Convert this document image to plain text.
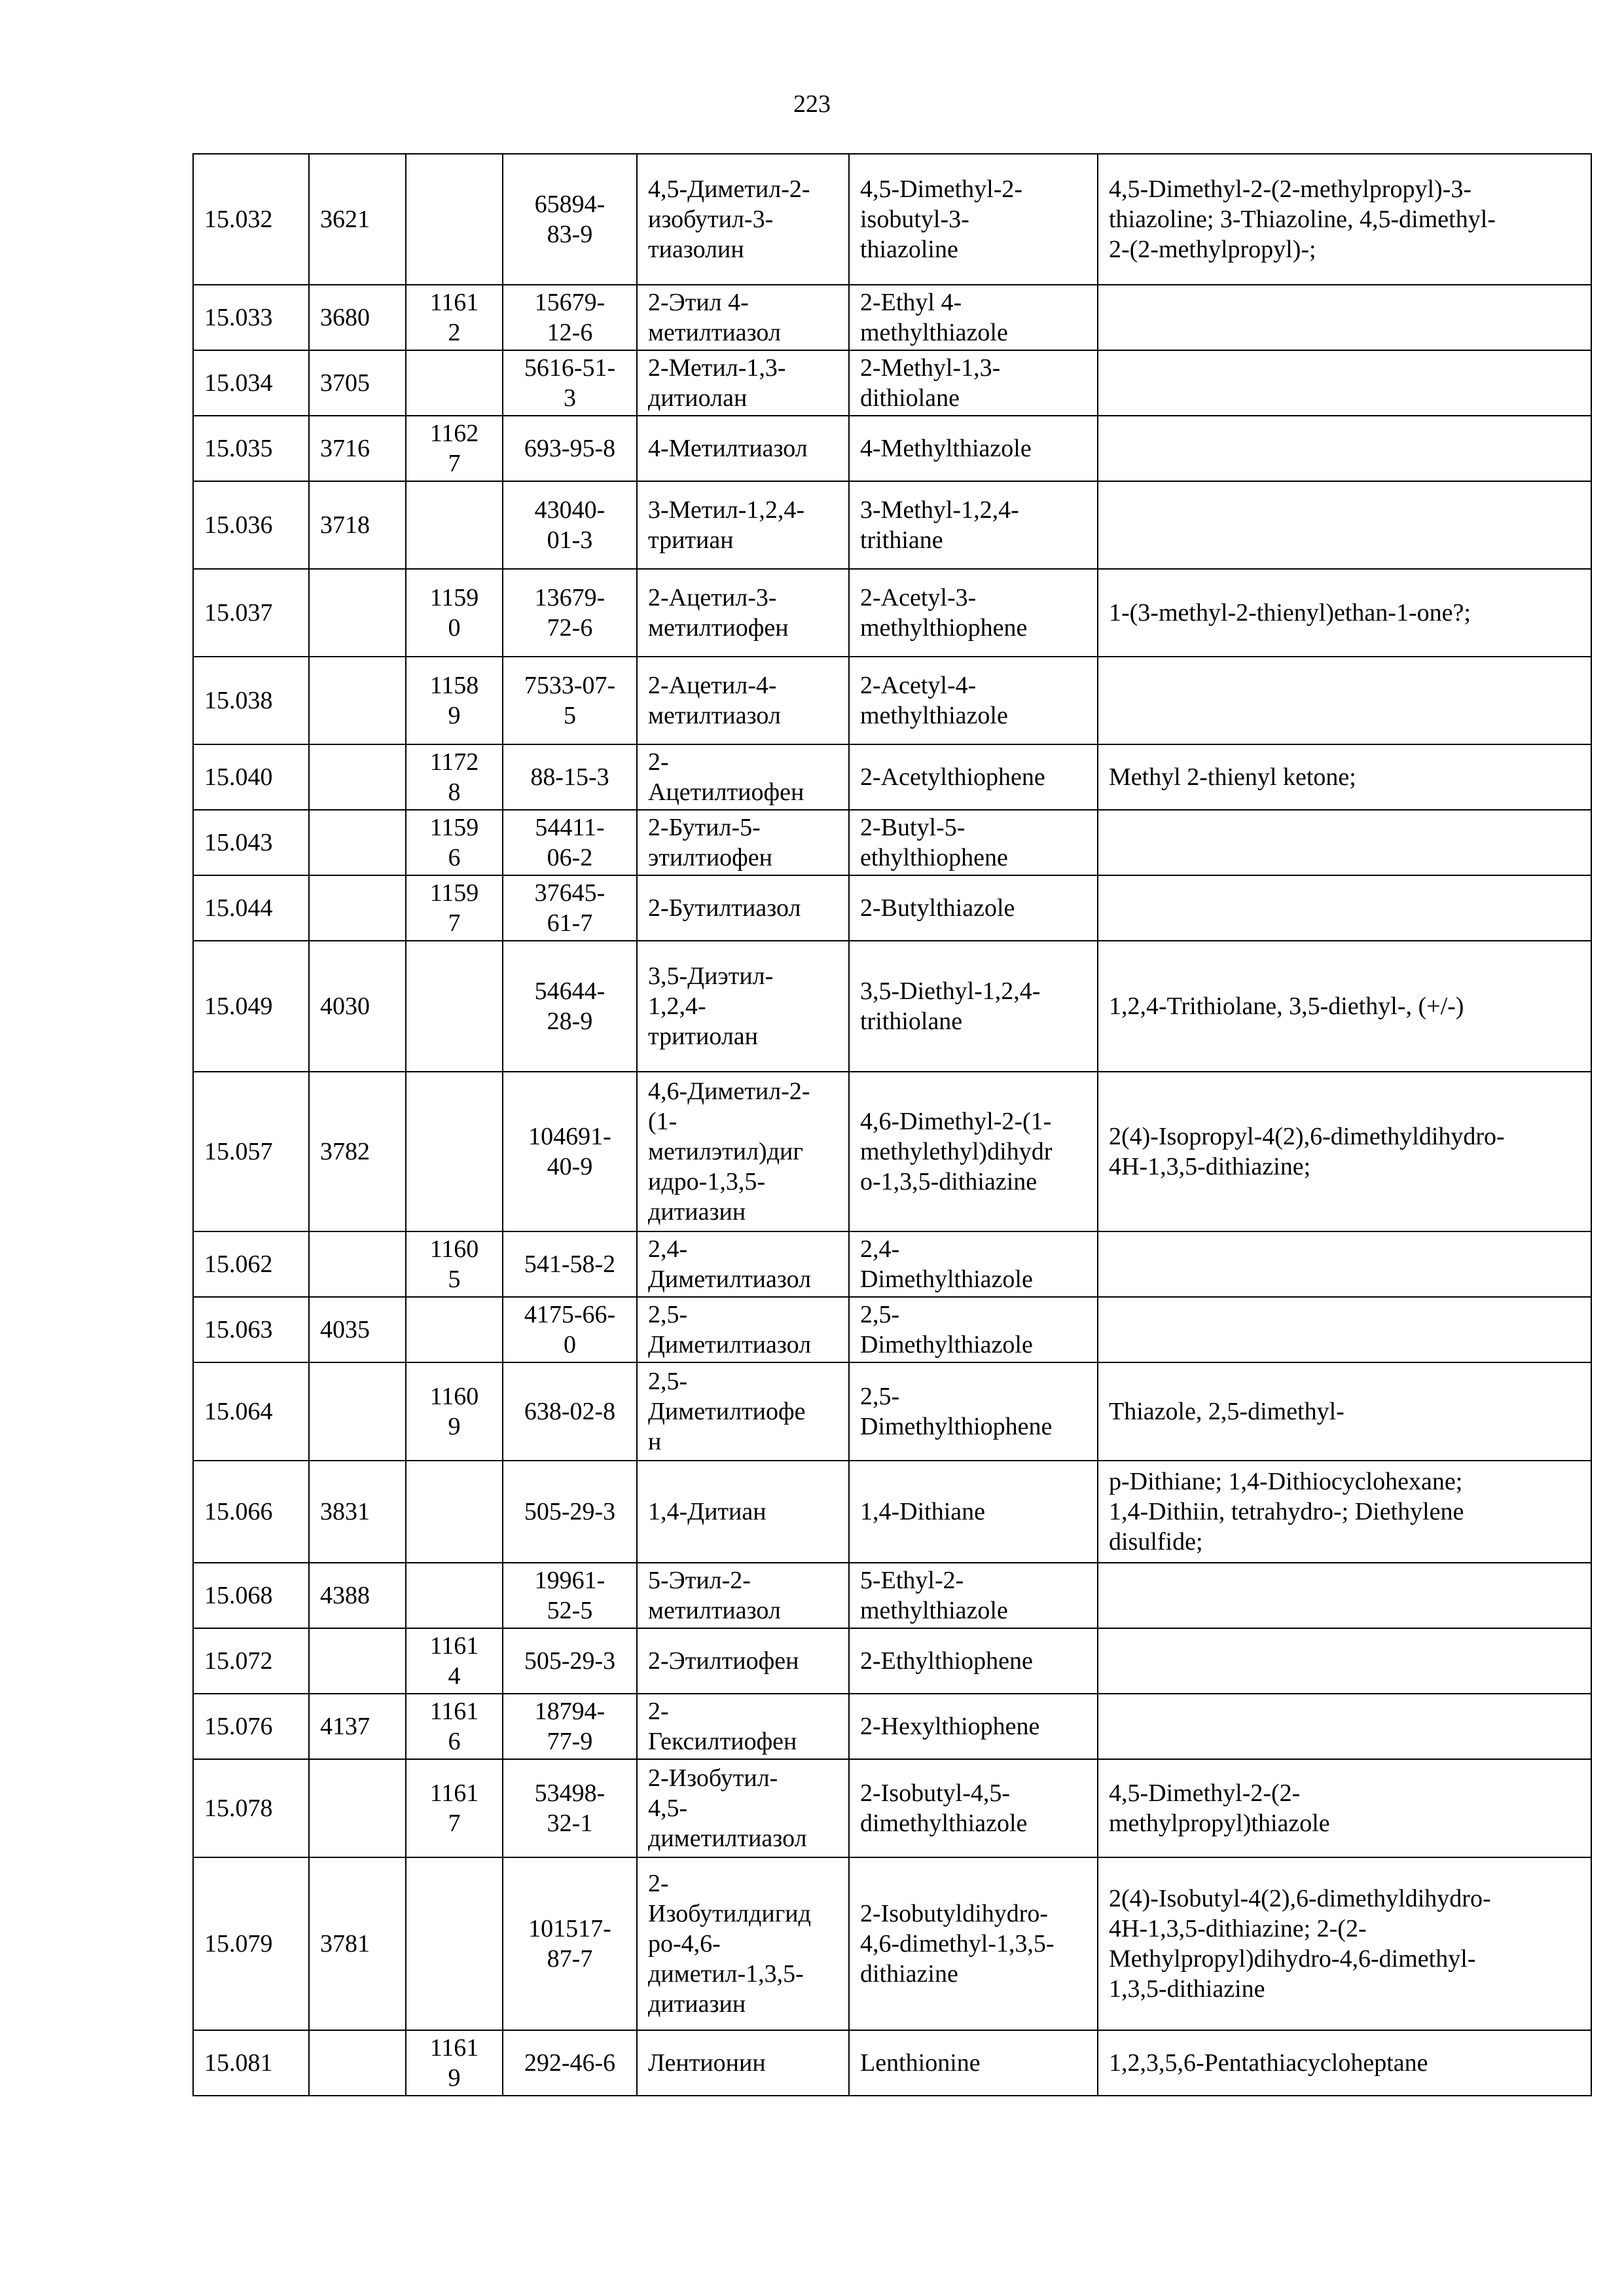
223
15.032	3621		65894-
83-9	4,5-Диметил-2-
изобутил-3-
тиазолин	4,5-Dimethyl-2-
isobutyl-3-
thiazoline	4,5-Dimethyl-2-(2-methylpropyl)-3-
thiazoline; 3-Thiazoline, 4,5-dimethyl-
2-(2-methylpropyl)-;
15.033	3680	1161
2	15679-
12-6	2-Этил 4-
метилтиазол	2-Ethyl 4-
methylthiazole	
15.034	3705		5616-51-
3	2-Метил-1,3-
дитиолан	2-Methyl-1,3-
dithiolane	
15.035	3716	1162
7	693-95-8	4-Метилтиазол	4-Methylthiazole	
15.036	3718		43040-
01-3	3-Метил-1,2,4-
тритиан	3-Methyl-1,2,4-
trithiane	
15.037		1159
0	13679-
72-6	2-Ацетил-3-
метилтиофен	2-Acetyl-3-
methylthiophene	1-(3-methyl-2-thienyl)ethan-1-one?;
15.038		1158
9	7533-07-
5	2-Ацетил-4-
метилтиазол	2-Acetyl-4-
methylthiazole	
15.040		1172
8	88-15-3	2-
Ацетилтиофен	2-Acetylthiophene	Methyl 2-thienyl ketone;
15.043		1159
6	54411-
06-2	2-Бутил-5-
этилтиофен	2-Butyl-5-
ethylthiophene	
15.044		1159
7	37645-
61-7	2-Бутилтиазол	2-Butylthiazole	
15.049	4030		54644-
28-9	3,5-Диэтил-
1,2,4-
тритиолан	3,5-Diethyl-1,2,4-
trithiolane	1,2,4-Trithiolane, 3,5-diethyl-, (+/-)
15.057	3782		104691-
40-9	4,6-Диметил-2-
(1-
метилэтил)диг
идро-1,3,5-
дитиазин	4,6-Dimethyl-2-(1-
methylethyl)dihydr
o-1,3,5-dithiazine	2(4)-Isopropyl-4(2),6-dimethyldihydro-
4H-1,3,5-dithiazine;
15.062		1160
5	541-58-2	2,4-
Диметилтиазол	2,4-
Dimethylthiazole	
15.063	4035		4175-66-
0	2,5-
Диметилтиазол	2,5-
Dimethylthiazole	
15.064		1160
9	638-02-8	2,5-
Диметилтиофе
н	2,5-
Dimethylthiophene	Thiazole, 2,5-dimethyl-
15.066	3831		505-29-3	1,4-Дитиан	1,4-Dithiane	p-Dithiane; 1,4-Dithiocyclohexane;
1,4-Dithiin, tetrahydro-; Diethylene
disulfide;
15.068	4388		19961-
52-5	5-Этил-2-
метилтиазол	5-Ethyl-2-
methylthiazole	
15.072		1161
4	505-29-3	2-Этилтиофен	2-Ethylthiophene	
15.076	4137	1161
6	18794-
77-9	2-
Гексилтиофен	2-Hexylthiophene	
15.078		1161
7	53498-
32-1	2-Изобутил-
4,5-
диметилтиазол	2-Isobutyl-4,5-
dimethylthiazole	4,5-Dimethyl-2-(2-
methylpropyl)thiazole
15.079	3781		101517-
87-7	2-
Изобутилдигид
ро-4,6-
диметил-1,3,5-
дитиазин	2-Isobutyldihydro-
4,6-dimethyl-1,3,5-
dithiazine	2(4)-Isobutyl-4(2),6-dimethyldihydro-
4H-1,3,5-dithiazine; 2-(2-
Methylpropyl)dihydro-4,6-dimethyl-
1,3,5-dithiazine
15.081		1161
9	292-46-6	Лентионин	Lenthionine	1,2,3,5,6-Pentathiacycloheptane
